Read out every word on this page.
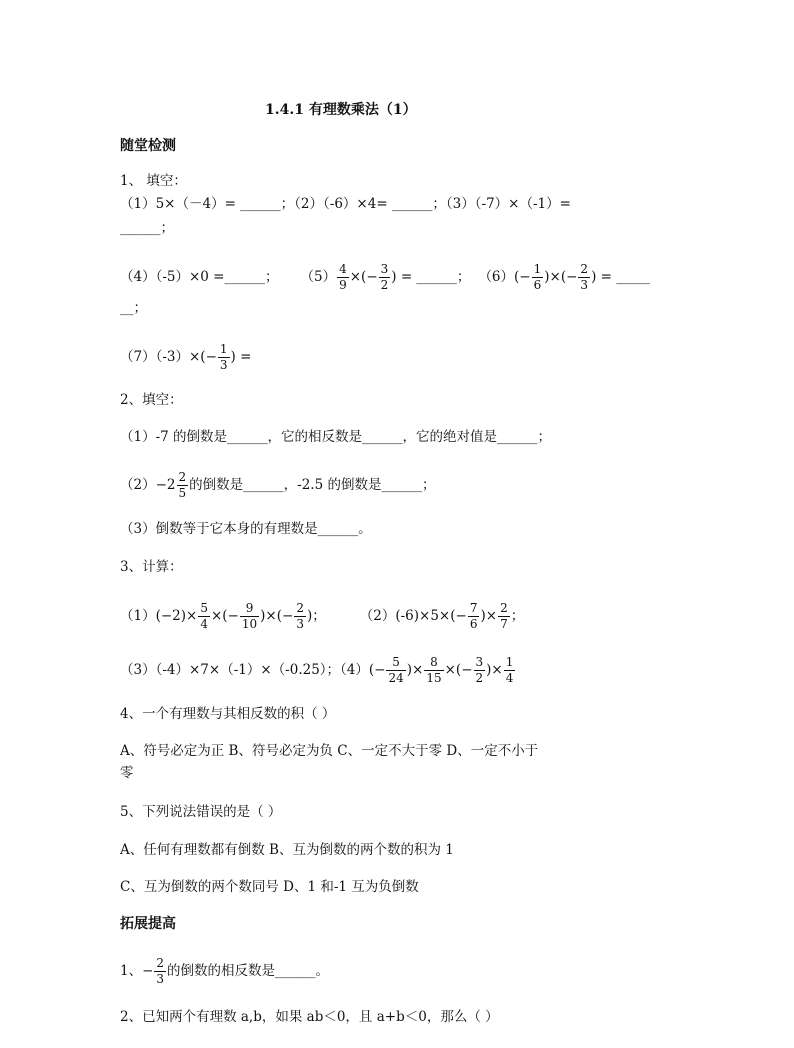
1.4.1 有理数乘法（1）
随堂检测
1、 填空：
（1）5×（－4）= ______；（2）（-6）×4= ______；（3）（-7）×（-1）=
______；
（4）（-5）×0 =______； $(5) \frac{4}{9}$ ×(− $\frac{3}{2}$ ) = ______； $(6)(- \frac{1}{6}$ )×(− $\frac{2}{3}$ ) = _____
__；
$(7)(-3)\times(- \frac{1}{3}$ ) =
2、填空：
（1）-7 的倒数是______，它的相反数是______，它的绝对值是______；
$(2)-2 \frac{2}{5}$ 的倒数是______，-2.5 的倒数是______；
（3）倒数等于它本身的有理数是______。
3、计算：
$(1)(-2)\times \frac{5}{4}$ ×(− $\frac{9}{10}$ )×(− $\frac{2}{3}$ )；	$(2)(-6)\times 5\times(- \frac{7}{6}$ )× $\frac{2}{7}$ ；
（3）（-4）×7×（-1）×（-0.25）；$(4)(- \frac{5}{24}$ )× $\frac{8}{15}$ ×(− $\frac{3}{2}$ )× $\frac{1}{4}$
4、一个有理数与其相反数的积（ ）
A、符号必定为正 B、符号必定为负 C、一定不大于零 D、一定不小于
零
5、下列说法错误的是（ ）
A、任何有理数都有倒数 B、互为倒数的两个数的积为 1
C、互为倒数的两个数同号 D、1 和-1 互为负倒数
拓展提高
1、− $\frac{2}{3}$ 的倒数的相反数是______。
2、已知两个有理数 a,b，如果 ab＜0，且 a+b＜0，那么（ ）
